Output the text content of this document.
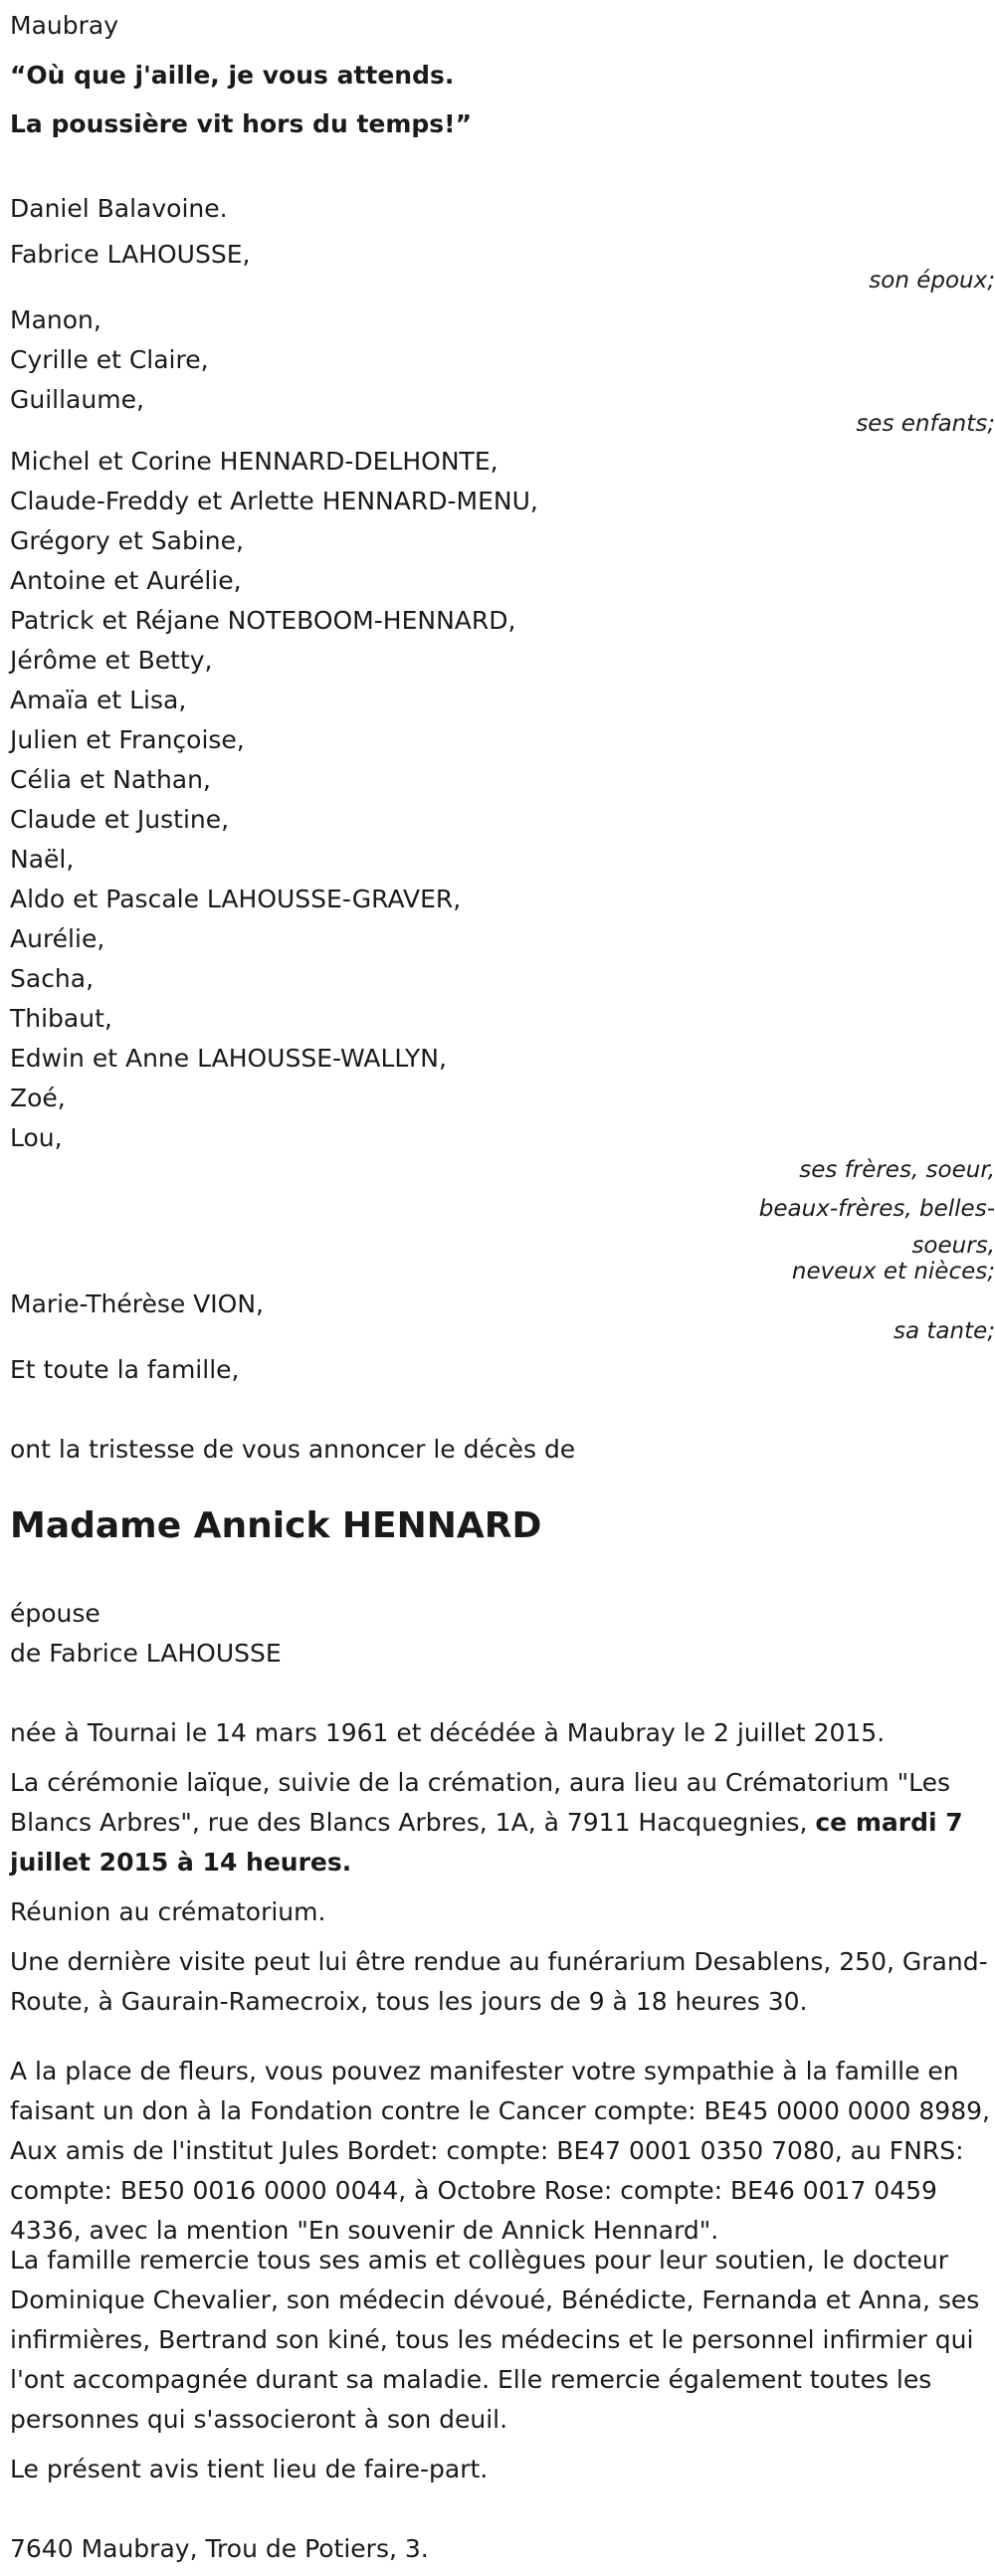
Maubray
“Où que j'aille, je vous attends.
La poussière vit hors du temps!”
Daniel Balavoine.
Fabrice LAHOUSSE,
son époux;
Manon,
Cyrille et Claire,
Guillaume,
ses enfants;
Michel et Corine HENNARD-DELHONTE,
Claude-Freddy et Arlette HENNARD-MENU,
Grégory et Sabine,
Antoine et Aurélie,
Patrick et Réjane NOTEBOOM-HENNARD,
Jérôme et Betty,
Amaïa et Lisa,
Julien et Françoise,
Célia et Nathan,
Claude et Justine,
Naël,
Aldo et Pascale LAHOUSSE-GRAVER,
Aurélie,
Sacha,
Thibaut,
Edwin et Anne LAHOUSSE-WALLYN,
Zoé,
Lou,
ses frères, soeur,
beaux-frères, belles-
soeurs,
neveux et nièces;
Marie-Thérèse VION,
sa tante;
Et toute la famille,
ont la tristesse de vous annoncer le décès de
Madame Annick HENNARD
épouse
de Fabrice LAHOUSSE
née à Tournai le 14 mars 1961 et décédée à Maubray le 2 juillet 2015.
La cérémonie laïque, suivie de la crémation, aura lieu au Crématorium "Les Blancs Arbres", rue des Blancs Arbres, 1A, à 7911 Hacquegnies, ce mardi 7 juillet 2015 à 14 heures.
Réunion au crématorium.
Une dernière visite peut lui être rendue au funérarium Desablens, 250, Grand-Route, à Gaurain-Ramecroix, tous les jours de 9 à 18 heures 30.
A la place de fleurs, vous pouvez manifester votre sympathie à la famille en faisant un don à la Fondation contre le Cancer compte: BE45 0000 0000 8989, Aux amis de l'institut Jules Bordet: compte: BE47 0001 0350 7080, au FNRS: compte: BE50 0016 0000 0044, à Octobre Rose: compte: BE46 0017 0459 4336, avec la mention "En souvenir de Annick Hennard".
La famille remercie tous ses amis et collègues pour leur soutien, le docteur Dominique Chevalier, son médecin dévoué, Bénédicte, Fernanda et Anna, ses infirmières, Bertrand son kiné, tous les médecins et le personnel infirmier qui l'ont accompagnée durant sa maladie. Elle remercie également toutes les personnes qui s'associeront à son deuil.
Le présent avis tient lieu de faire-part.
7640 Maubray, Trou de Potiers, 3.
